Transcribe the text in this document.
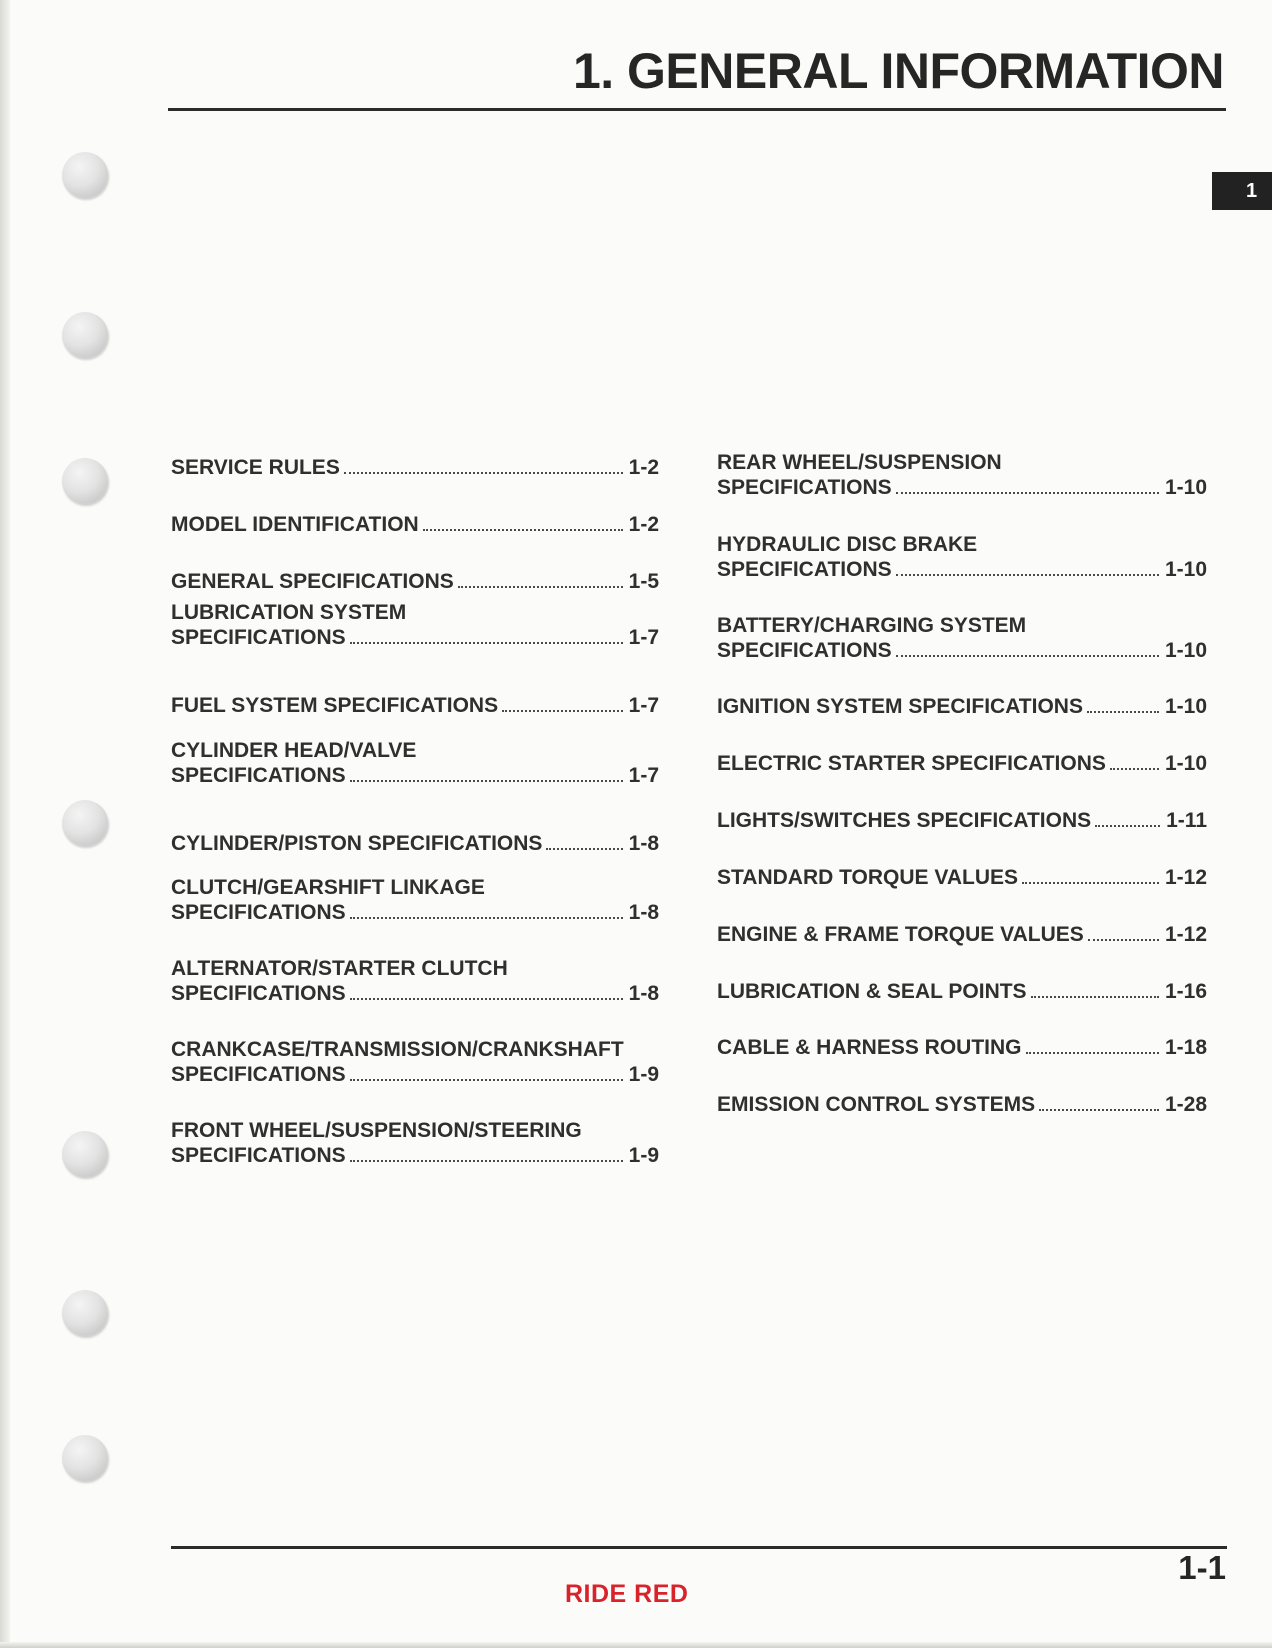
1. GENERAL INFORMATION
1
SERVICE RULES	1-2
MODEL IDENTIFICATION	1-2
GENERAL SPECIFICATIONS	1-5
LUBRICATION SYSTEM
SPECIFICATIONS	1-7
FUEL SYSTEM SPECIFICATIONS	1-7
CYLINDER HEAD/VALVE
SPECIFICATIONS	1-7
CYLINDER/PISTON SPECIFICATIONS	1-8
CLUTCH/GEARSHIFT LINKAGE
SPECIFICATIONS	1-8
ALTERNATOR/STARTER CLUTCH
SPECIFICATIONS	1-8
CRANKCASE/TRANSMISSION/CRANKSHAFT
SPECIFICATIONS	1-9
FRONT WHEEL/SUSPENSION/STEERING
SPECIFICATIONS	1-9
REAR WHEEL/SUSPENSION
SPECIFICATIONS	1-10
HYDRAULIC DISC BRAKE
SPECIFICATIONS	1-10
BATTERY/CHARGING SYSTEM
SPECIFICATIONS	1-10
IGNITION SYSTEM SPECIFICATIONS	1-10
ELECTRIC STARTER SPECIFICATIONS	1-10
LIGHTS/SWITCHES SPECIFICATIONS	1-11
STANDARD TORQUE VALUES	1-12
ENGINE & FRAME TORQUE VALUES	1-12
LUBRICATION & SEAL POINTS	1-16
CABLE & HARNESS ROUTING	1-18
EMISSION CONTROL SYSTEMS	1-28
1-1
RIDE RED
